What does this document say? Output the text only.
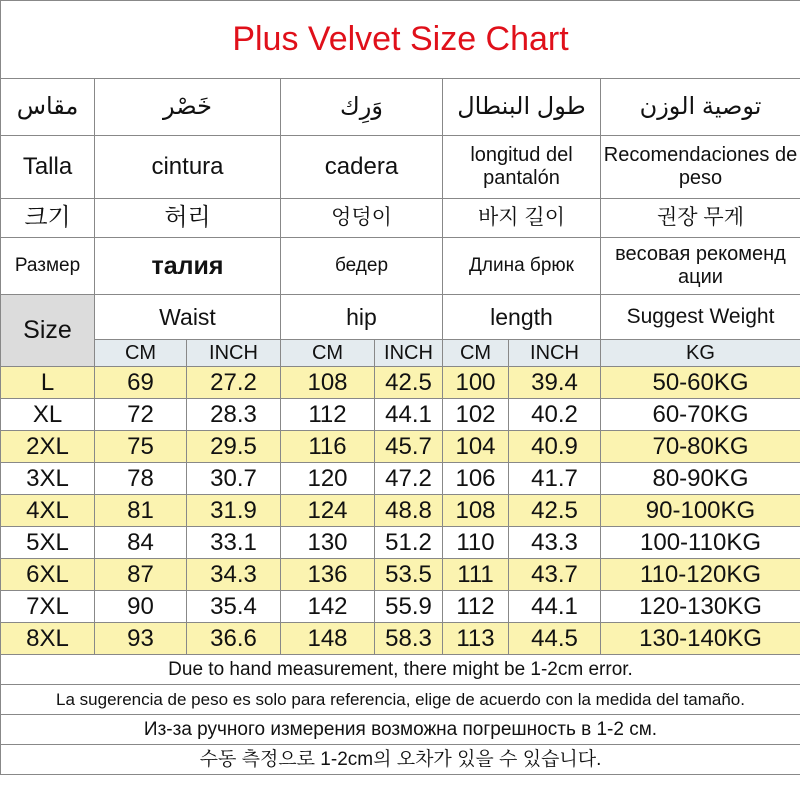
Plus Velvet Size Chart							
مقاس	خَصْر		وَرِك		طول البنطال		توصية الوزن
Talla	cintura		cadera		longitud del pantalón		Recomendaciones de peso
크기	허리		엉덩이		바지 길이		권장 무게
Размер	талия		бедер		Длина брюк		весовая рекоменд ации
Size	Waist		hip		length		Suggest Weight
	CM	INCH	CM	INCH	CM	INCH	KG
L	69	27.2	108	42.5	100	39.4	50-60KG
XL	72	28.3	112	44.1	102	40.2	60-70KG
2XL	75	29.5	116	45.7	104	40.9	70-80KG
3XL	78	30.7	120	47.2	106	41.7	80-90KG
4XL	81	31.9	124	48.8	108	42.5	90-100KG
5XL	84	33.1	130	51.2	110	43.3	100-110KG
6XL	87	34.3	136	53.5	111	43.7	110-120KG
7XL	90	35.4	142	55.9	112	44.1	120-130KG
8XL	93	36.6	148	58.3	113	44.5	130-140KG
Due to hand measurement, there might be 1-2cm error.							
La sugerencia de peso es solo para referencia, elige de acuerdo con la medida del tamaño.							
Из-за ручного измерения возможна погрешность в 1-2 см.							
수동 측정으로 1-2cm의 오차가 있을 수 있습니다.							
